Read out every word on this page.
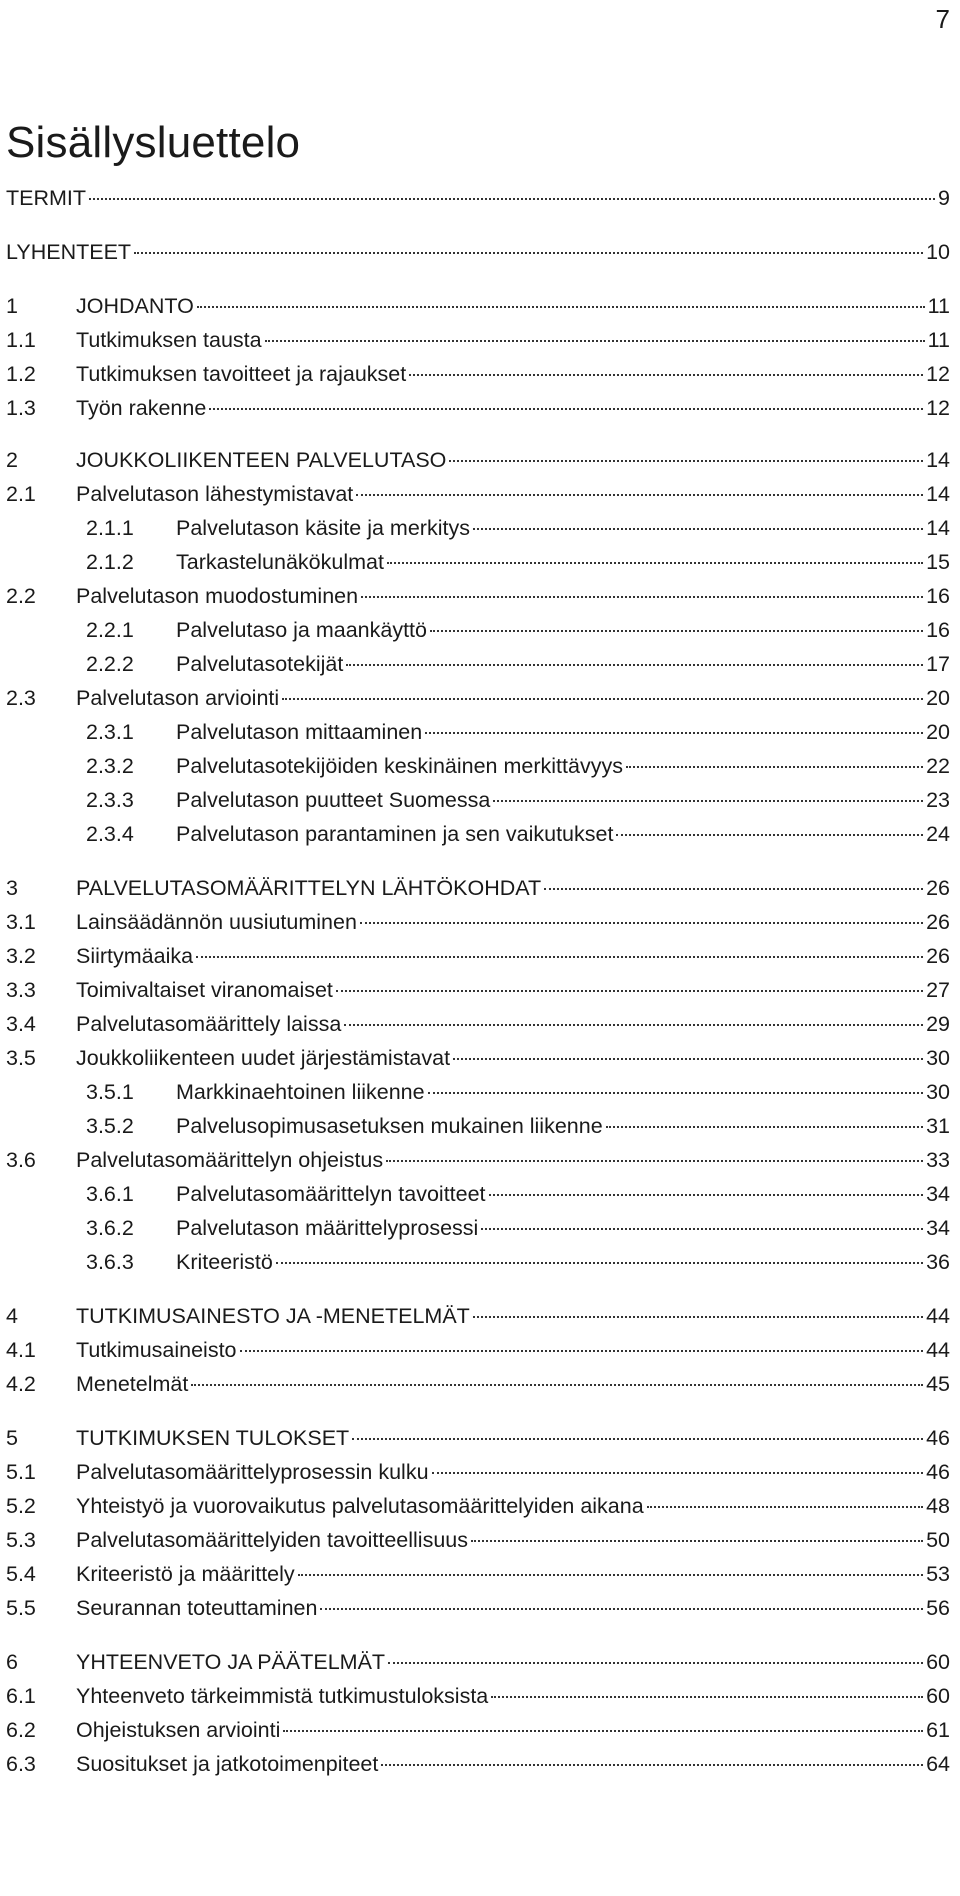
7
Sisällysluettelo
TERMIT	9
LYHENTEET	10
1	JOHDANTO	11
1.1	Tutkimuksen tausta	11
1.2	Tutkimuksen tavoitteet ja rajaukset	12
1.3	Työn rakenne	12
2	JOUKKOLIIKENTEEN PALVELUTASO	14
2.1	Palvelutason lähestymistavat	14
2.1.1	Palvelutason käsite ja merkitys	14
2.1.2	Tarkastelunäkökulmat	15
2.2	Palvelutason muodostuminen	16
2.2.1	Palvelutaso ja maankäyttö	16
2.2.2	Palvelutasotekijät	17
2.3	Palvelutason arviointi	20
2.3.1	Palvelutason mittaaminen	20
2.3.2	Palvelutasotekijöiden keskinäinen merkittävyys	22
2.3.3	Palvelutason puutteet Suomessa	23
2.3.4	Palvelutason parantaminen ja sen vaikutukset	24
3	PALVELUTASOMÄÄRITTELYN LÄHTÖKOHDAT	26
3.1	Lainsäädännön uusiutuminen	26
3.2	Siirtymäaika	26
3.3	Toimivaltaiset viranomaiset	27
3.4	Palvelutasomäärittely laissa	29
3.5	Joukkoliikenteen uudet järjestämistavat	30
3.5.1	Markkinaehtoinen liikenne	30
3.5.2	Palvelusopimusasetuksen mukainen liikenne	31
3.6	Palvelutasomäärittelyn ohjeistus	33
3.6.1	Palvelutasomäärittelyn tavoitteet	34
3.6.2	Palvelutason määrittelyprosessi	34
3.6.3	Kriteeristö	36
4	TUTKIMUSAINESTO JA -MENETELMÄT	44
4.1	Tutkimusaineisto	44
4.2	Menetelmät	45
5	TUTKIMUKSEN TULOKSET	46
5.1	Palvelutasomäärittelyprosessin kulku	46
5.2	Yhteistyö ja vuorovaikutus palvelutasomäärittelyiden aikana	48
5.3	Palvelutasomäärittelyiden tavoitteellisuus	50
5.4	Kriteeristö ja määrittely	53
5.5	Seurannan toteuttaminen	56
6	YHTEENVETO JA PÄÄTELMÄT	60
6.1	Yhteenveto tärkeimmistä tutkimustuloksista	60
6.2	Ohjeistuksen arviointi	61
6.3	Suositukset ja jatkotoimenpiteet	64
